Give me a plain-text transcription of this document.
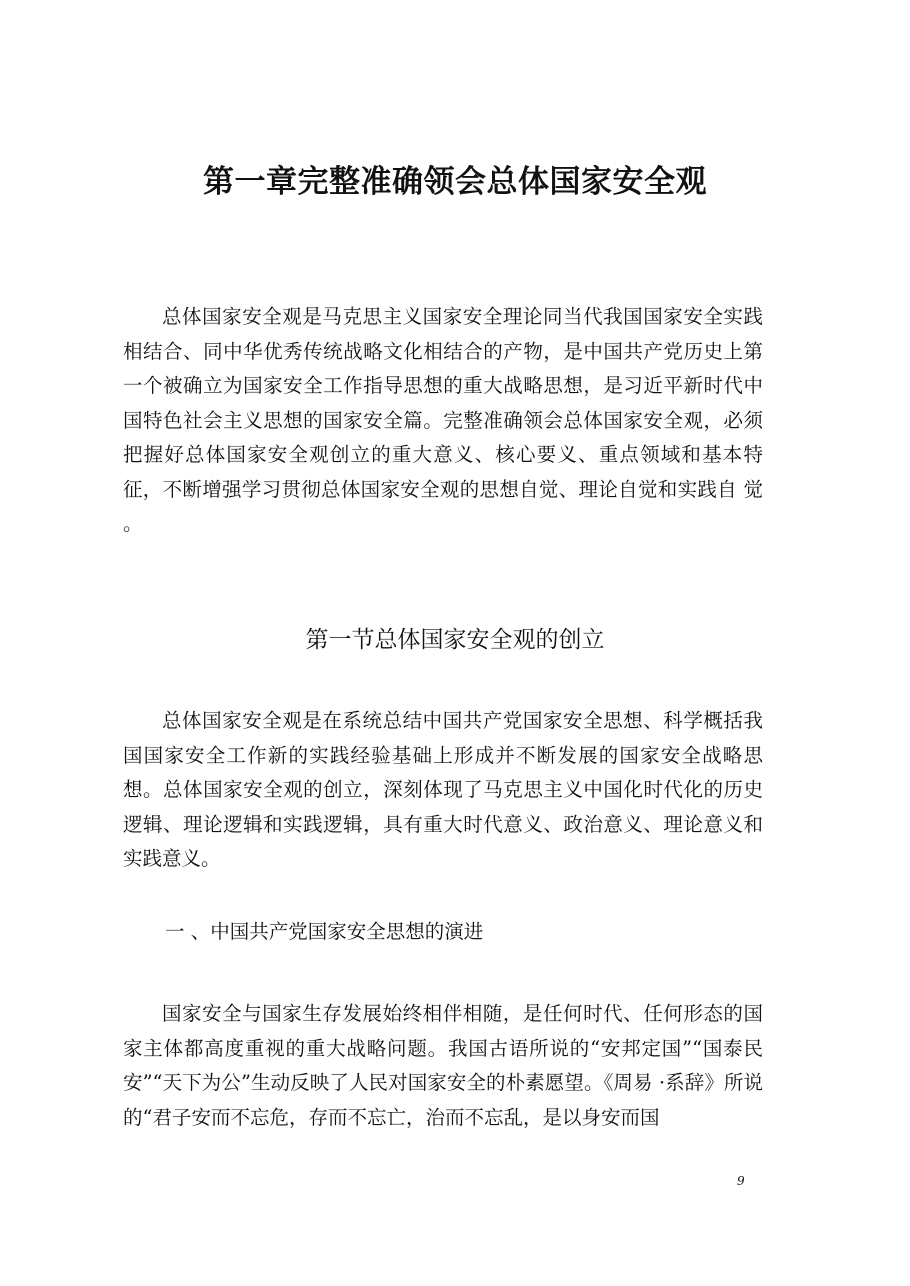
第一章完整准确领会总体国家安全观

总体国家安全观是马克思主义国家安全理论同当代我国国家安全实践相结合、同中华优秀传统战略文化相结合的产物，是中国共产党历史上第一个被确立为国家安全工作指导思想的重大战略思想，是习近平新时代中国特色社会主义思想的国家安全篇。完整准确领会总体国家安全观，必须把握好总体国家安全观创立的重大意义、核心要义、重点领域和基本特征，不断增强学习贯彻总体国家安全观的思想自觉、理论自觉和实践自 觉 。

第一节总体国家安全观的创立

总体国家安全观是在系统总结中国共产党国家安全思想、科学概括我国国家安全工作新的实践经验基础上形成并不断发展的国家安全战略思想。总体国家安全观的创立，深刻体现了马克思主义中国化时代化的历史逻辑、理论逻辑和实践逻辑，具有重大时代意义、政治意义、理论意义和实践意义。

一 、中国共产党国家安全思想的演进

国家安全与国家生存发展始终相伴相随，是任何时代、任何形态的国家主体都高度重视的重大战略问题。我国古语所说的“安邦定国”“国泰民安”“天下为公”生动反映了人民对国家安全的朴素愿望。《周易 ·系辞》所说的“君子安而不忘危，存而不忘亡，治而不忘乱，是以身安而国

9
